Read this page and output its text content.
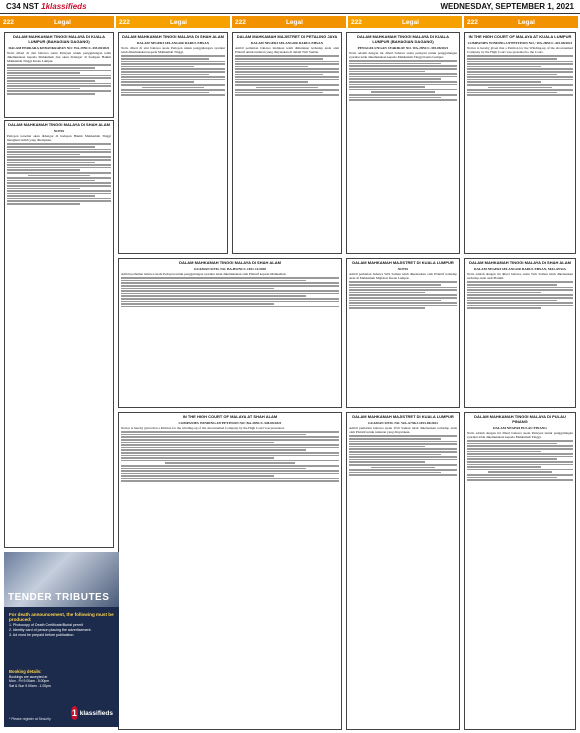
C34 NST 1klassifieds	WEDNESDAY, SEPTEMBER 1, 2021
222	Legal	222	Legal	222	Legal	222	Legal	222	Legal
DALAM MAHKAMAH TINGGI MALAYA DI KUALA LUMPUR (BAHAGIAN DAGANG)
DALAM PERKARA KEBANKRAPAN NO: WA-29NCC-435-08/2021
Notis diberi di sini bahawa suatu Petisyen untuk penggulungan telah dikemukakan kepada Mahkamah dan akan didengar di hadapan Hakim Mahkamah Tinggi Kuala Lumpur.
DALAM MAHKAMAH TINGGI MALAYA DI SHAH ALAM
NOTIS
Petisyen tersebut akan didengar di hadapan Hakim Mahkamah Tinggi mengikut tarikh yang ditetapkan.
DALAM MAHKAMAH TINGGI MALAYA DI SHAH ALAM
DALAM NEGERI SELANGOR DARUL EHSAN
Notis diberi di sini bahawa suatu Petisyen untuk penggulungan syarikat telah dikemukakan kepada Mahkamah Tinggi.
DALAM MAHKAMAH MAJISTRET DI PETALING JAYA
DALAM NEGERI SELANGOR DARUL EHSAN
Ambil perhatian bahawa tindakan telah dimulakan terhadap anda oleh Plaintif untuk tuntutan yang dinyatakan di dalam Writ Saman.
DALAM MAHKAMAH TINGGI MALAYA DI KUALA LUMPUR (BAHAGIAN DAGANG)
PENGGULUNGAN SYARIKAT NO. WA-28NCC-393-08/2021
Notis adalah dengan ini diberi bahawa suatu petisyen untuk penggulungan syarikat telah dikemukakan kepada Mahkamah Tinggi Kuala Lumpur.
IN THE HIGH COURT OF MALAYA AT KUALA LUMPUR
COMPANIES WINDING-UP PETITION NO.: WA-28NCC-425-08/2021
Notice is hereby given that a Petition for the Winding-up of the abovenamed Company by the High Court was presented to the Court.
DALAM MAHKAMAH TINGGI MALAYA DI SHAH ALAM
GUAMAN SIVIL NO. BA-B52NCC-1031-12/2020
Ambil perhatian bahawa suatu Petisyen untuk penggulungan syarikat telah dikemukakan oleh Plaintif kepada Mahkamah.
DALAM MAHKAMAH MAJISTRET DI KUALA LUMPUR
NOTIS
Ambil perhatian bahawa Writ Saman telah dikeluarkan oleh Plaintif terhadap anda di Mahkamah Majistret Kuala Lumpur.
DALAM MAHKAMAH TINGGI MALAYA DI SHAH ALAM
DALAM NEGERI SELANGOR DARUL EHSAN, MALAYSIA
Notis adalah dengan ini diberi bahawa suatu Writ Saman telah dikeluarkan terhadap anda oleh Plaintif.
IN THE HIGH COURT OF MALAYA AT SHAH ALAM
COMPANIES WINDING-UP PETITION NO: BA-28NCC-548-08/2021
Notice is hereby given that a Petition for the winding-up of the abovenamed Company by the High Court was presented.
DALAM MAHKAMAH MAJISTRET DI KUALA LUMPUR
GUAMAN SIVIL NO. WA-A73KJ-1053-06/2021
Ambil perhatian bahawa suatu Writ Saman telah dikeluarkan terhadap anda oleh Plaintif untuk tuntutan yang dinyatakan.
DALAM MAHKAMAH TINGGI MALAYA DI PULAU PINANG
DALAM NEGERI PULAU PINANG
Notis adalah dengan ini diberi bahawa suatu Petisyen untuk penggulungan syarikat telah dikemukakan kepada Mahkamah Tinggi.
TENDER TRIBUTES
For death announcement, the following must be produced:
1. Photocopy of Death Certificate/Burial permit
2. Identity card of person placing the advertisement.
3. Ad must be prepaid before publication.
Booking details:
Bookings are accepted at
Mon - Fri 9.00am - 5.00pm
Sat & Sun 9.00am - 1.00pm
* Please register at Security
1 klassifieds
